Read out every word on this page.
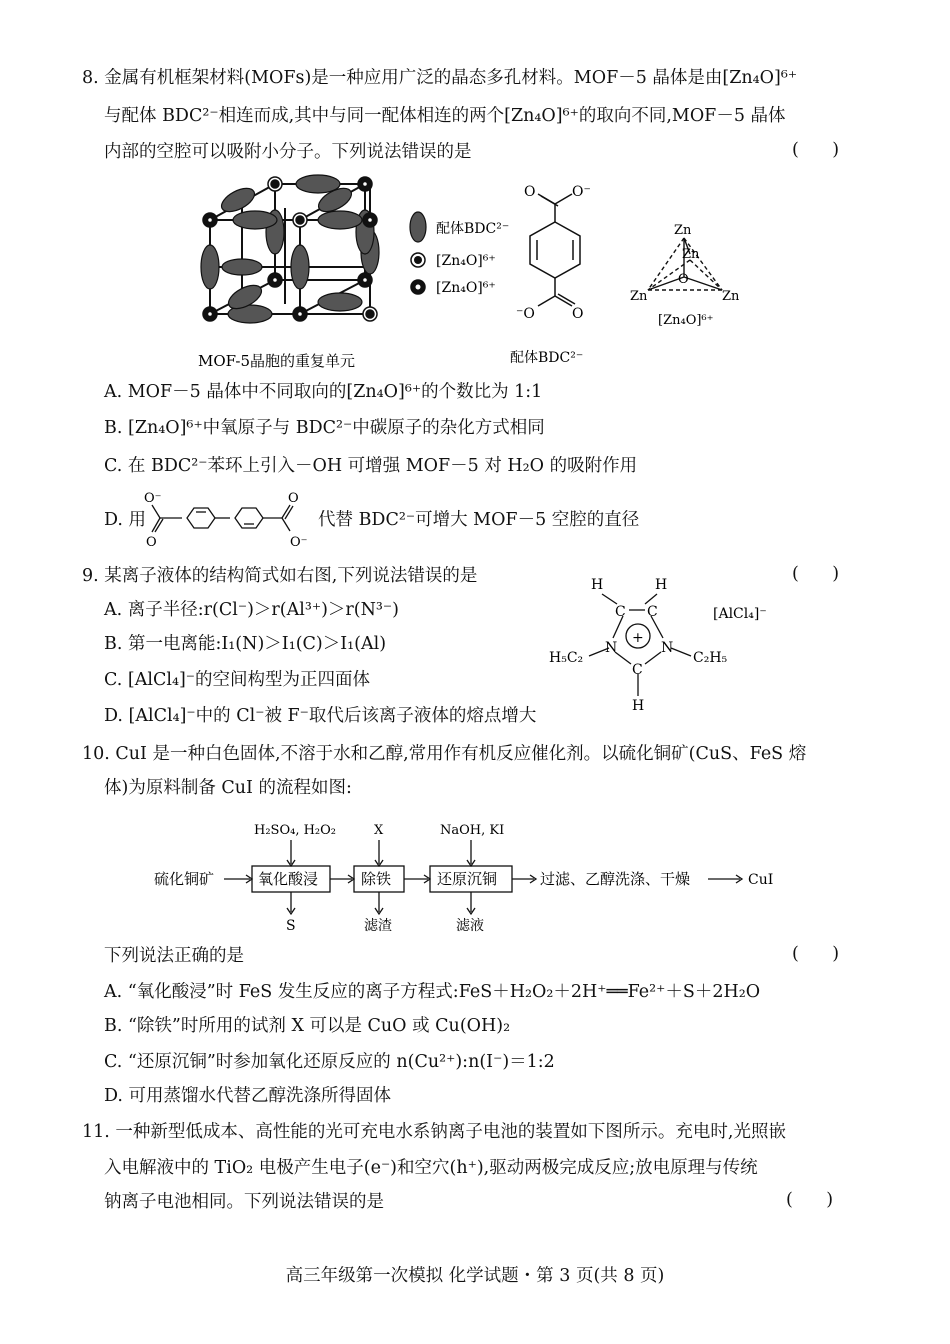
8. 金属有机框架材料(MOFs)是一种应用广泛的晶态多孔材料。MOF－5 晶体是由[Zn₄O]⁶⁺
与配体 BDC²⁻相连而成,其中与同一配体相连的两个[Zn₄O]⁶⁺的取向不同,MOF－5 晶体
内部的空腔可以吸附小分子。下列说法错误的是	(      )
MOF-5晶胞的重复单元
配体BDC²⁻
[Zn₄O]⁶⁺
[Zn₄O]⁶⁺
O	O⁻
⁻O	O
配体BDC²⁻
Zn
Zn
O
Zn	Zn
[Zn₄O]⁶⁺
A. MOF－5 晶体中不同取向的[Zn₄O]⁶⁺的个数比为 1:1
B. [Zn₄O]⁶⁺中氧原子与 BDC²⁻中碳原子的杂化方式相同
C. 在 BDC²⁻苯环上引入－OH 可增强 MOF－5 对 H₂O 的吸附作用
D. 用
O⁻
O
O
O⁻
代替 BDC²⁻可增大 MOF－5 空腔的直径
9. 某离子液体的结构简式如右图,下列说法错误的是	(      )
A. 离子半径:r(Cl⁻)＞r(Al³⁺)＞r(N³⁻)
B. 第一电离能:I₁(N)＞I₁(C)＞I₁(Al)
C. [AlCl₄]⁻的空间构型为正四面体
D. [AlCl₄]⁻中的 Cl⁻被 F⁻取代后该离子液体的熔点增大
H	H
C C
N	N
+
C
H
H₅C₂	C₂H₅
[AlCl₄]⁻
10. CuI 是一种白色固体,不溶于水和乙醇,常用作有机反应催化剂。以硫化铜矿(CuS、FeS 熔
体)为原料制备 CuI 的流程如图:
硫化铜矿	氧化酸浸	除铁	还原沉铜
H₂SO₄, H₂O₂	X	NaOH, KI
S	滤渣	滤液
过滤、乙醇洗涤、干燥	CuI
下列说法正确的是	(      )
A. “氧化酸浸”时 FeS 发生反应的离子方程式:FeS＋H₂O₂＋2H⁺══Fe²⁺＋S＋2H₂O
B. “除铁”时所用的试剂 X 可以是 CuO 或 Cu(OH)₂
C. “还原沉铜”时参加氧化还原反应的 n(Cu²⁺):n(I⁻)＝1:2
D. 可用蒸馏水代替乙醇洗涤所得固体
11. 一种新型低成本、高性能的光可充电水系钠离子电池的装置如下图所示。充电时,光照嵌
入电解液中的 TiO₂ 电极产生电子(e⁻)和空穴(h⁺),驱动两极完成反应;放电原理与传统
钠离子电池相同。下列说法错误的是	(      )
高三年级第一次模拟 化学试题・第 3 页(共 8 页)
